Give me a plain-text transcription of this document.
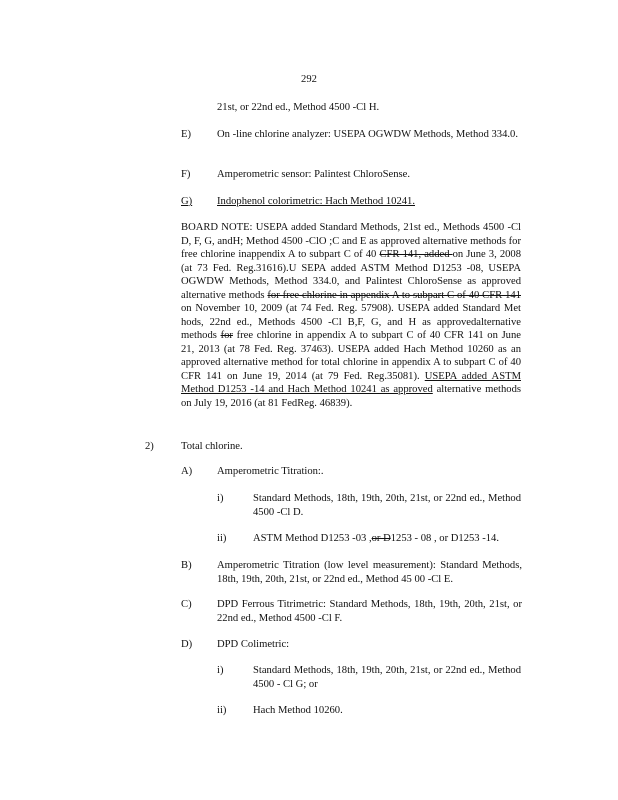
292
21st, or 22nd ed., Method 4500 -Cl H.
E) On -line chlorine analyzer: USEPA OGWDW Methods, Method 334.0.
F)	Amperometric sensor: Palintest ChloroSense.
G) Indophenol colorimetric: Hach Method 10241.
BOARD NOTE: USEPA added Standard Methods, 21st ed., Methods 4500 -Cl D, F, G, andH; Method 4500 -ClO ;C and E as approved alternative methods for free chlorine inappendix A to subpart C of 40 CFR 141, added on June 3, 2008 (at 73 Fed. Reg.31616).U SEPA added ASTM Method D1253 -08, USEPA OGWDW Methods, Method 334.0, and Palintest ChloroSense as approved alternative methods for free chlorine in appendix A to subpart C of 40 CFR 141 on November 10, 2009 (at 74 Fed. Reg. 57908). USEPA added Standard Met hods, 22nd ed., Methods 4500 -Cl B,F, G, and H as approvedalternative methods for free chlorine in appendix A to subpart C of 40 CFR 141 on June 21, 2013 (at 78 Fed. Reg. 37463). USEPA added Hach Method 10260 as an approved alternative method for total chlorine in appendix A to subpart C of 40 CFR 141 on June 19, 2014 (at 79 Fed. Reg.35081). USEPA added ASTM Method D1253 -14 and Hach Method 10241 as approved alternative methods on July 19, 2016 (at 81 FedReg. 46839).
2)	Total chlorine.
A) Amperometric Titration:.
i)	Standard Methods, 18th, 19th, 20th, 21st, or 22nd ed., Method 4500 -Cl D.
ii)	ASTM Method D1253 -03 ,or D1253 - 08 , or D1253 -14.
B) Amperometric Titration (low level measurement): Standard Methods, 18th, 19th, 20th, 21st, or 22nd ed., Method 45 00 -Cl E.
C) DPD Ferrous Titrimetric: Standard Methods, 18th, 19th, 20th, 21st, or 22nd ed., Method 4500 -Cl F.
D) DPD Colimetric:
i)	Standard Methods, 18th, 19th, 20th, 21st, or 22nd ed., Method 4500 - Cl G; or
ii)	Hach Method 10260.
